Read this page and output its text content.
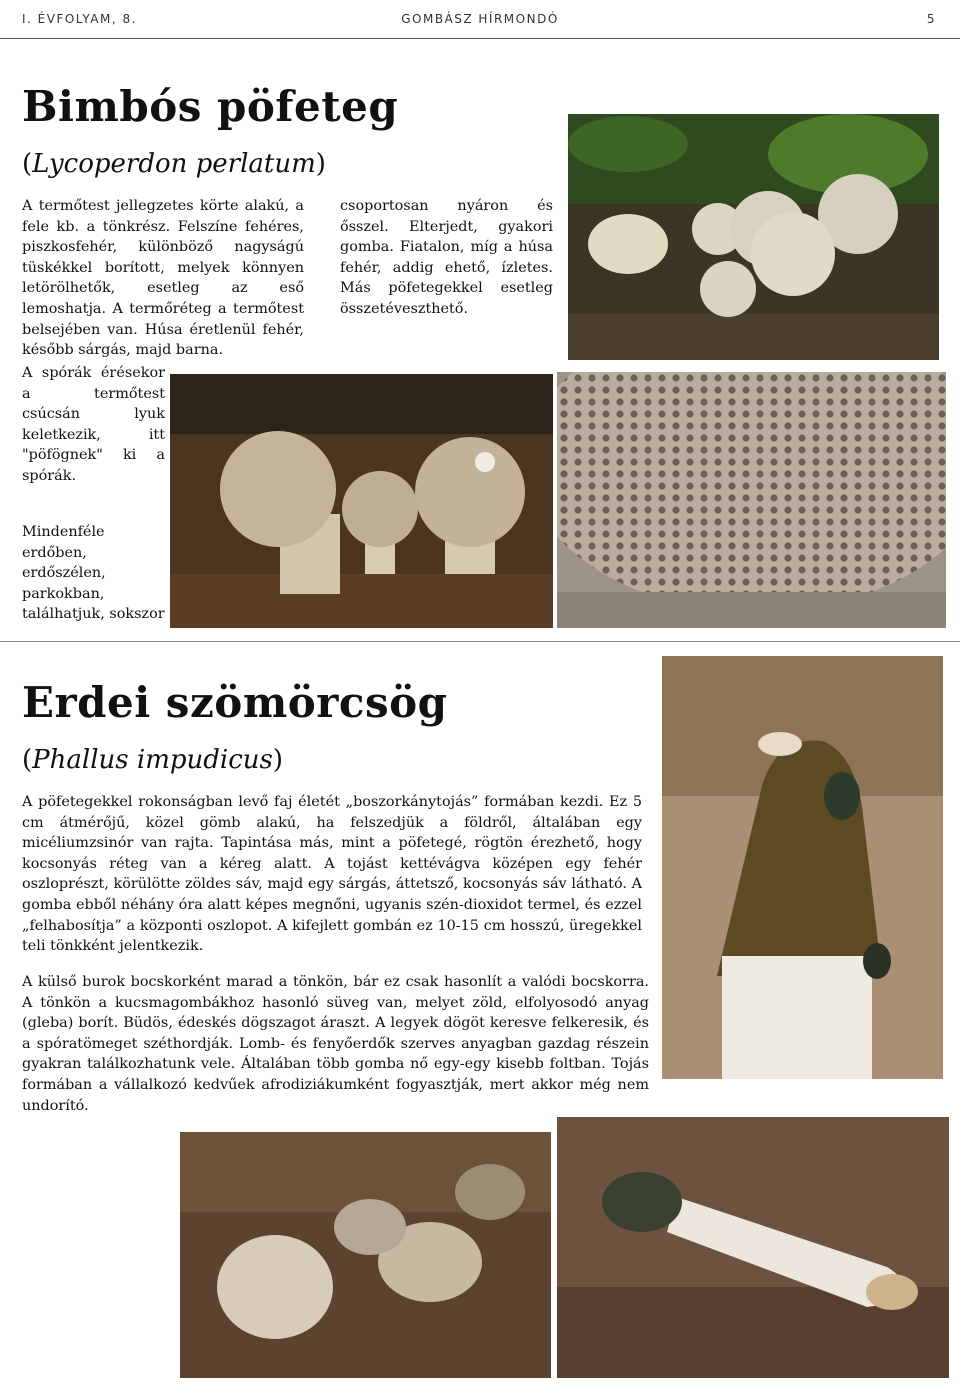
I. ÉVFOLYAM, 8.	GOMBÁSZ HÍRMONDÓ	5
Bimbós pöfeteg

(Lycoperdon perlatum)

A termőtest jellegzetes körte alakú, a fele kb. a tönkrész. Felszíne fehéres, piszkosfehér, különböző nagyságú tüskékkel borított, melyek könnyen letörölhetők, esetleg az eső lemoshatja. A termőréteg a termőtest belsejében van. Húsa éretlenül fehér, később sárgás, majd barna.

A spórák érésekor a termőtest csúcsán lyuk keletkezik, itt "pöfögnek" ki a spórák.

Mindenféle erdőben, erdőszélen, parkokban, találhatjuk, sokszor

csoportosan nyáron és ősszel. Elterjedt, gyakori gomba. Fiatalon, míg a húsa fehér, addig ehető, ízletes. Más pöfetegekkel esetleg összetéveszthető.

Erdei szömörcsög

(Phallus impudicus)

A pöfetegekkel rokonságban levő faj életét „boszorkánytojás” formában kezdi. Ez 5 cm átmérőjű, közel gömb alakú, ha felszedjük a földről, általában egy micéliumzsinór van rajta. Tapintása más, mint a pöfetegé, rögtön érezhető, hogy kocsonyás réteg van a kéreg alatt. A tojást kettévágva középen egy fehér oszloprészt, körülötte zöldes sáv, majd egy sárgás, áttetsző, kocsonyás sáv látható. A gomba ebből néhány óra alatt képes megnőni, ugyanis szén-dioxidot termel, és ezzel „felhabosítja” a központi oszlopot. A kifejlett gombán ez 10-15 cm hosszú, üregekkel teli tönkként jelentkezik.

A külső burok bocskorként marad a tönkön, bár ez csak hasonlít a valódi bocskorra. A tönkön a kucsmagombákhoz hasonló süveg van, melyet zöld, elfolyosodó anyag (gleba) borít. Büdös, édeskés dögszagot áraszt. A legyek dögöt keresve felkeresik, és a spóratömeget széthordják. Lomb- és fenyőerdők szerves anyagban gazdag részein gyakran találkozhatunk vele. Általában több gomba nő egy-egy kisebb foltban. Tojás formában a vállalkozó kedvűek afrodiziákumként fogyasztják, mert akkor még nem undorító.
